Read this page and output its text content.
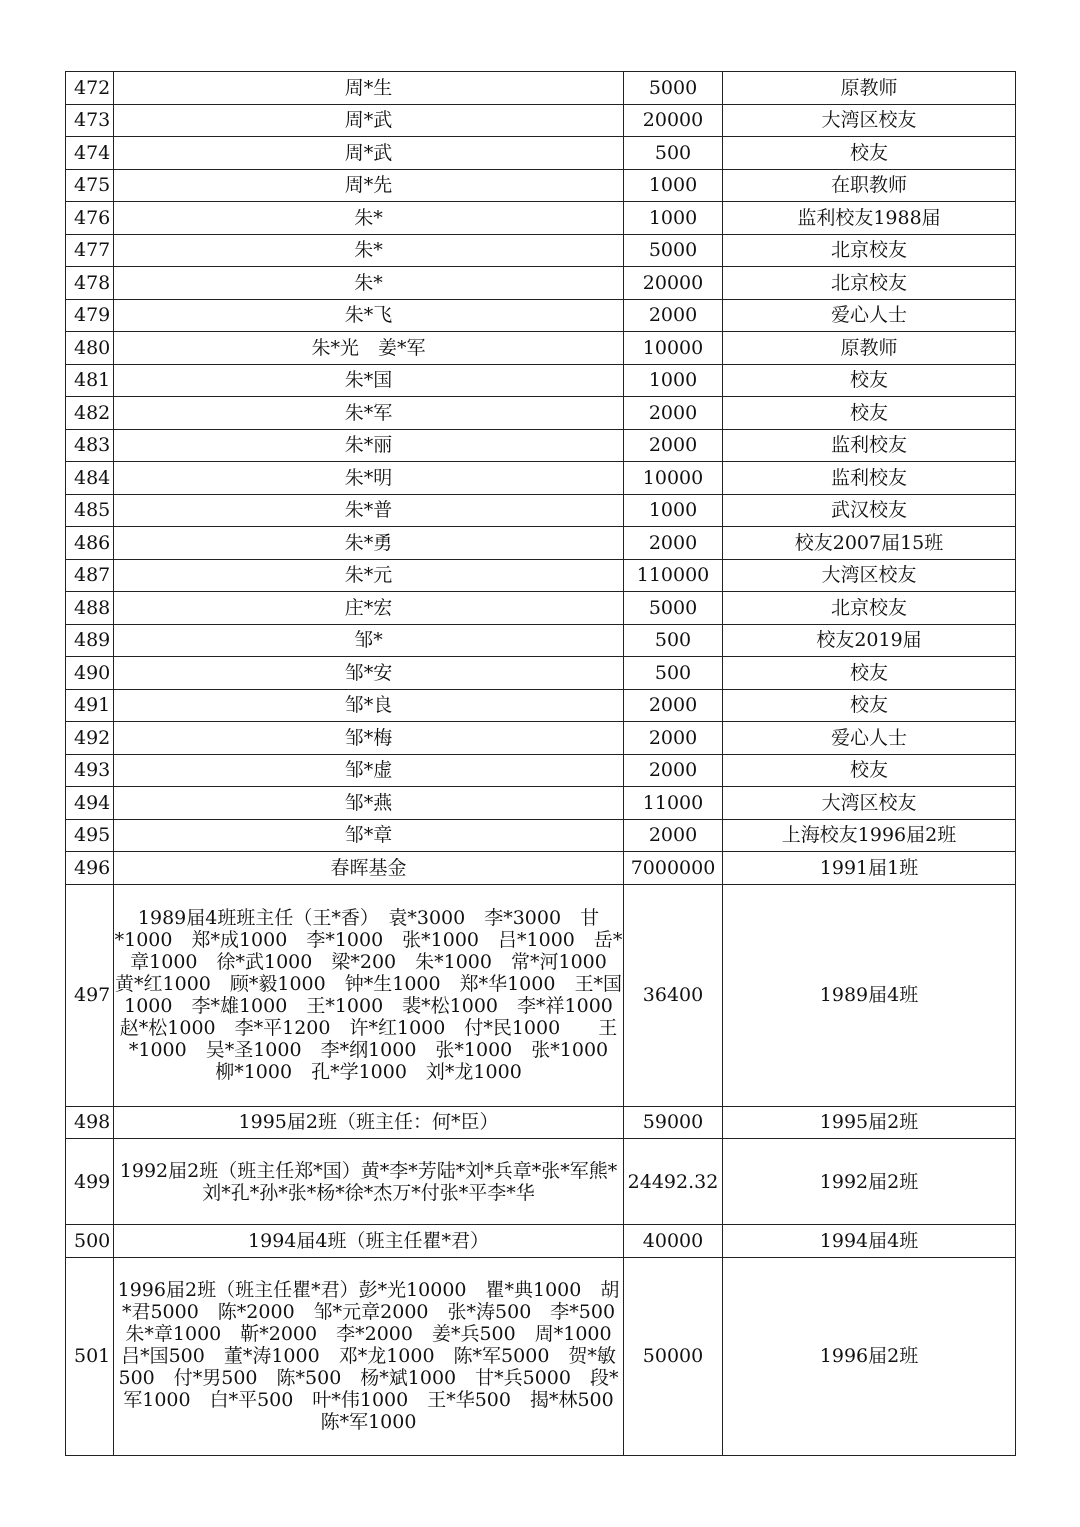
472	周*生	5000	原教师
473	周*武	20000	大湾区校友
474	周*武	500	校友
475	周*先	1000	在职教师
476	朱*	1000	监利校友1988届
477	朱*	5000	北京校友
478	朱*	20000	北京校友
479	朱*飞	2000	爱心人士
480	朱*光　姜*军	10000	原教师
481	朱*国	1000	校友
482	朱*军	2000	校友
483	朱*丽	2000	监利校友
484	朱*明	10000	监利校友
485	朱*普	1000	武汉校友
486	朱*勇	2000	校友2007届15班
487	朱*元	110000	大湾区校友
488	庄*宏	5000	北京校友
489	邹*	500	校友2019届
490	邹*安	500	校友
491	邹*良	2000	校友
492	邹*梅	2000	爱心人士
493	邹*虚	2000	校友
494	邹*燕	11000	大湾区校友
495	邹*章	2000	上海校友1996届2班
496	春晖基金	7000000	1991届1班
497	1989届4班班主任（王*香）　袁*3000　李*3000　甘*1000　郑*成1000　李*1000　张*1000　吕*1000　岳*章1000　徐*武1000　梁*200　朱*1000　常*河1000　黄*红1000　顾*毅1000　钟*生1000　郑*华1000　王*国1000　李*雄1000　王*1000　裴*松1000　李*祥1000　　赵*松1000　李*平1200　许*红1000　付*民1000　　王*1000　吴*圣1000　李*纲1000　张*1000　张*1000　柳*1000　孔*学1000　刘*龙1000	36400	1989届4班
498	1995届2班（班主任：何*臣）	59000	1995届2班
499	1992届2班（班主任郑*国）黄*李*芳陆*刘*兵章*张*军熊*刘*孔*孙*张*杨*徐*杰万*付张*平李*华	24492.32	1992届2班
500	1994届4班（班主任瞿*君）	40000	1994届4班
501	1996届2班（班主任瞿*君）彭*光10000　瞿*典1000　胡*君5000　陈*2000　邹*元章2000　张*涛500　李*500　朱*章1000　靳*2000　李*2000　姜*兵500　周*1000　吕*国500　董*涛1000　邓*龙1000　陈*军5000　贺*敏500　付*男500　陈*500　杨*斌1000　甘*兵5000　段*军1000　白*平500　叶*伟1000　王*华500　揭*林500　陈*军1000	50000	1996届2班
